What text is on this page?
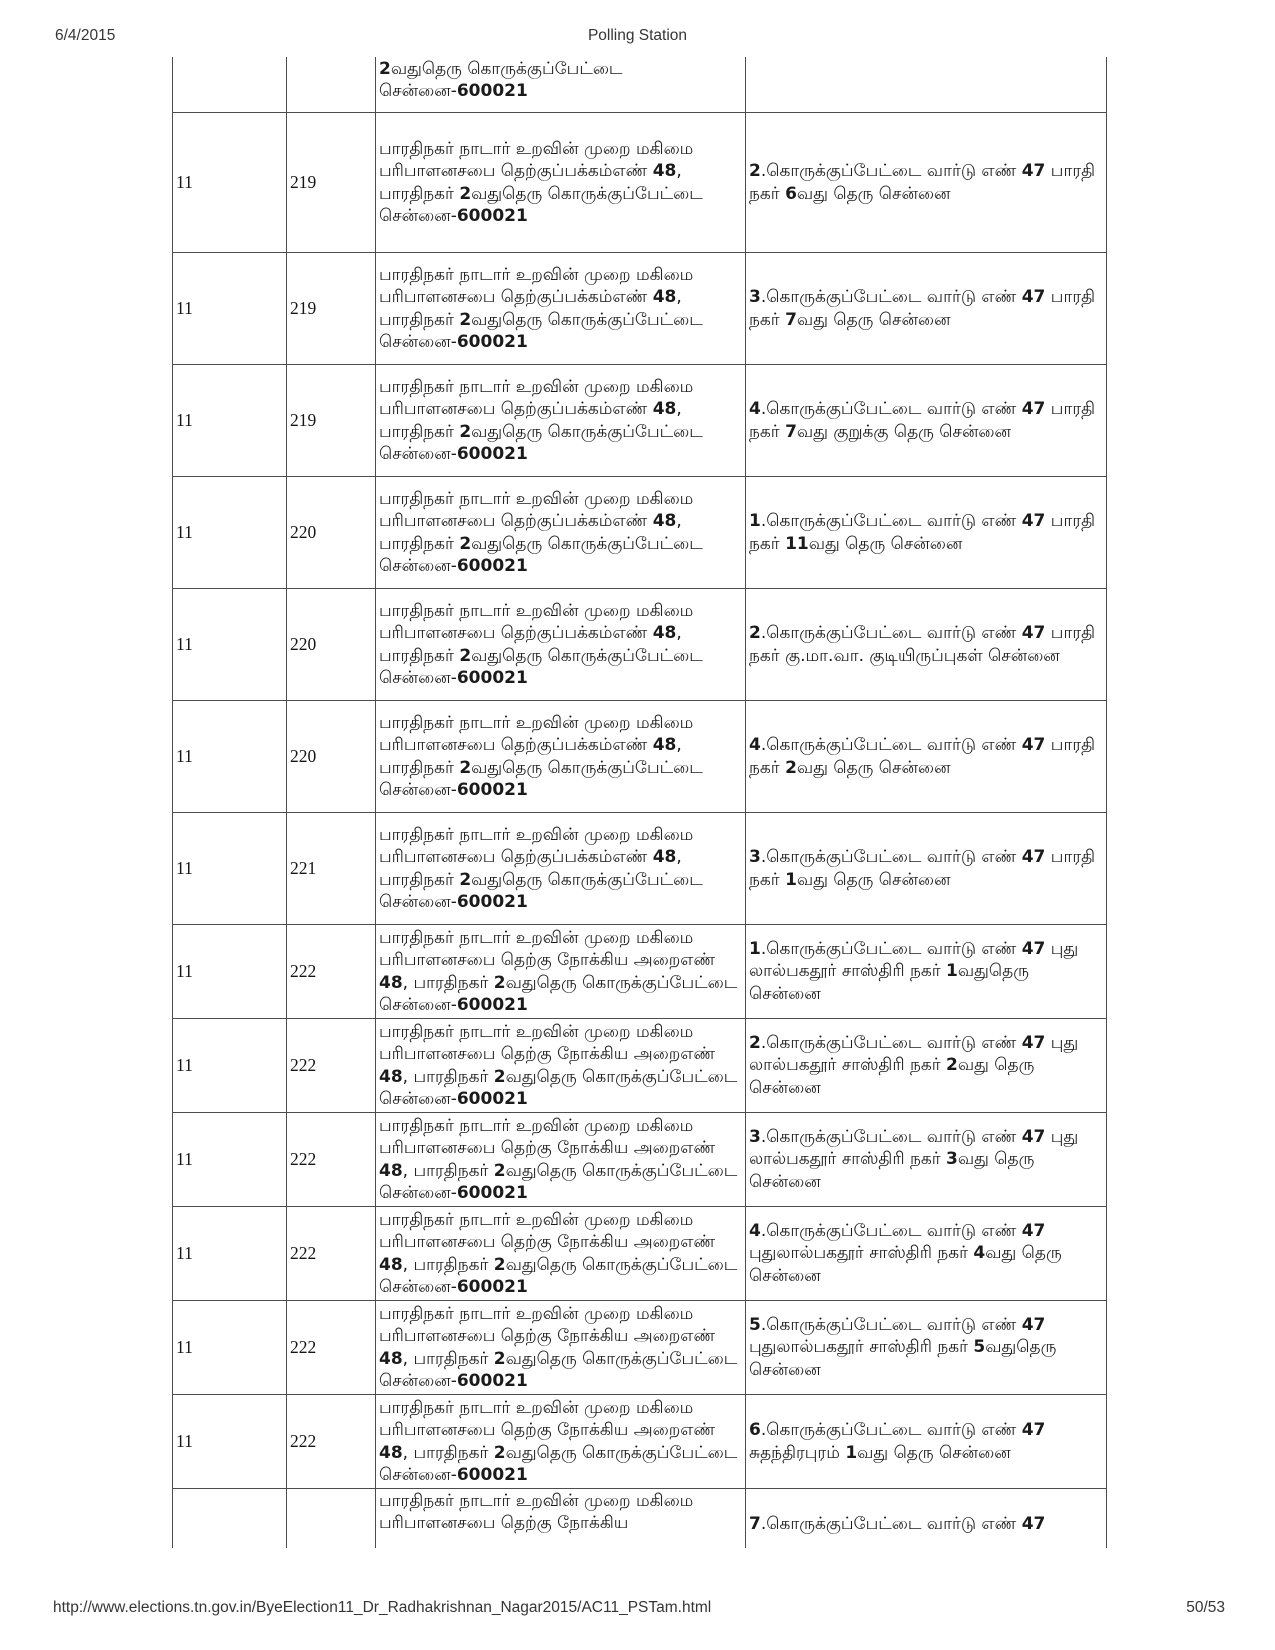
6/4/2015	Polling Station
		2வதுதெரு கொருக்குப்பேட்டை சென்னை-600021	
11	219	பாரதிநகர் நாடார் உறவின் முறை மகிமை பரிபாளனசபை தெற்குப்பக்கம்எண் 48, பாரதிநகர் 2வதுதெரு கொருக்குப்பேட்டை சென்னை-600021	2.கொருக்குப்பேட்டை வார்டு எண் 47 பாரதி நகர் 6வது தெரு சென்னை
11	219	பாரதிநகர் நாடார் உறவின் முறை மகிமை பரிபாளனசபை தெற்குப்பக்கம்எண் 48, பாரதிநகர் 2வதுதெரு கொருக்குப்பேட்டை சென்னை-600021	3.கொருக்குப்பேட்டை வார்டு எண் 47 பாரதி நகர் 7வது தெரு சென்னை
11	219	பாரதிநகர் நாடார் உறவின் முறை மகிமை பரிபாளனசபை தெற்குப்பக்கம்எண் 48, பாரதிநகர் 2வதுதெரு கொருக்குப்பேட்டை சென்னை-600021	4.கொருக்குப்பேட்டை வார்டு எண் 47 பாரதி நகர் 7வது குறுக்கு தெரு சென்னை
11	220	பாரதிநகர் நாடார் உறவின் முறை மகிமை பரிபாளனசபை தெற்குப்பக்கம்எண் 48, பாரதிநகர் 2வதுதெரு கொருக்குப்பேட்டை சென்னை-600021	1.கொருக்குப்பேட்டை வார்டு எண் 47 பாரதி நகர் 11வது தெரு சென்னை
11	220	பாரதிநகர் நாடார் உறவின் முறை மகிமை பரிபாளனசபை தெற்குப்பக்கம்எண் 48, பாரதிநகர் 2வதுதெரு கொருக்குப்பேட்டை சென்னை-600021	2.கொருக்குப்பேட்டை வார்டு எண் 47 பாரதி நகர் கு.மா.வா. குடியிருப்புகள் சென்னை
11	220	பாரதிநகர் நாடார் உறவின் முறை மகிமை பரிபாளனசபை தெற்குப்பக்கம்எண் 48, பாரதிநகர் 2வதுதெரு கொருக்குப்பேட்டை சென்னை-600021	4.கொருக்குப்பேட்டை வார்டு எண் 47 பாரதி நகர் 2வது தெரு சென்னை
11	221	பாரதிநகர் நாடார் உறவின் முறை மகிமை பரிபாளனசபை தெற்குப்பக்கம்எண் 48, பாரதிநகர் 2வதுதெரு கொருக்குப்பேட்டை சென்னை-600021	3.கொருக்குப்பேட்டை வார்டு எண் 47 பாரதி நகர் 1வது தெரு சென்னை
11	222	பாரதிநகர் நாடார் உறவின் முறை மகிமை பரிபாளனசபை தெற்கு நோக்கிய அறைஎண் 48, பாரதிநகர் 2வதுதெரு கொருக்குப்பேட்டை சென்னை-600021	1.கொருக்குப்பேட்டை வார்டு எண் 47 புது லால்பகதூர் சாஸ்திரி நகர் 1வதுதெரு சென்னை
11	222	பாரதிநகர் நாடார் உறவின் முறை மகிமை பரிபாளனசபை தெற்கு நோக்கிய அறைஎண் 48, பாரதிநகர் 2வதுதெரு கொருக்குப்பேட்டை சென்னை-600021	2.கொருக்குப்பேட்டை வார்டு எண் 47 புது லால்பகதூர் சாஸ்திரி நகர் 2வது தெரு சென்னை
11	222	பாரதிநகர் நாடார் உறவின் முறை மகிமை பரிபாளனசபை தெற்கு நோக்கிய அறைஎண் 48, பாரதிநகர் 2வதுதெரு கொருக்குப்பேட்டை சென்னை-600021	3.கொருக்குப்பேட்டை வார்டு எண் 47 புது லால்பகதூர் சாஸ்திரி நகர் 3வது தெரு சென்னை
11	222	பாரதிநகர் நாடார் உறவின் முறை மகிமை பரிபாளனசபை தெற்கு நோக்கிய அறைஎண் 48, பாரதிநகர் 2வதுதெரு கொருக்குப்பேட்டை சென்னை-600021	4.கொருக்குப்பேட்டை வார்டு எண் 47 புதுலால்பகதூர் சாஸ்திரி நகர் 4வது தெரு சென்னை
11	222	பாரதிநகர் நாடார் உறவின் முறை மகிமை பரிபாளனசபை தெற்கு நோக்கிய அறைஎண் 48, பாரதிநகர் 2வதுதெரு கொருக்குப்பேட்டை சென்னை-600021	5.கொருக்குப்பேட்டை வார்டு எண் 47 புதுலால்பகதூர் சாஸ்திரி நகர் 5வதுதெரு சென்னை
11	222	பாரதிநகர் நாடார் உறவின் முறை மகிமை பரிபாளனசபை தெற்கு நோக்கிய அறைஎண் 48, பாரதிநகர் 2வதுதெரு கொருக்குப்பேட்டை சென்னை-600021	6.கொருக்குப்பேட்டை வார்டு எண் 47 சுதந்திரபுரம் 1வது தெரு சென்னை

		பாரதிநகர் நாடார் உறவின் முறை மகிமை பரிபாளனசபை தெற்கு நோக்கிய	7.கொருக்குப்பேட்டை வார்டு எண் 47
http://www.elections.tn.gov.in/ByeElection11_Dr_Radhakrishnan_Nagar2015/AC11_PSTam.html	50/53
